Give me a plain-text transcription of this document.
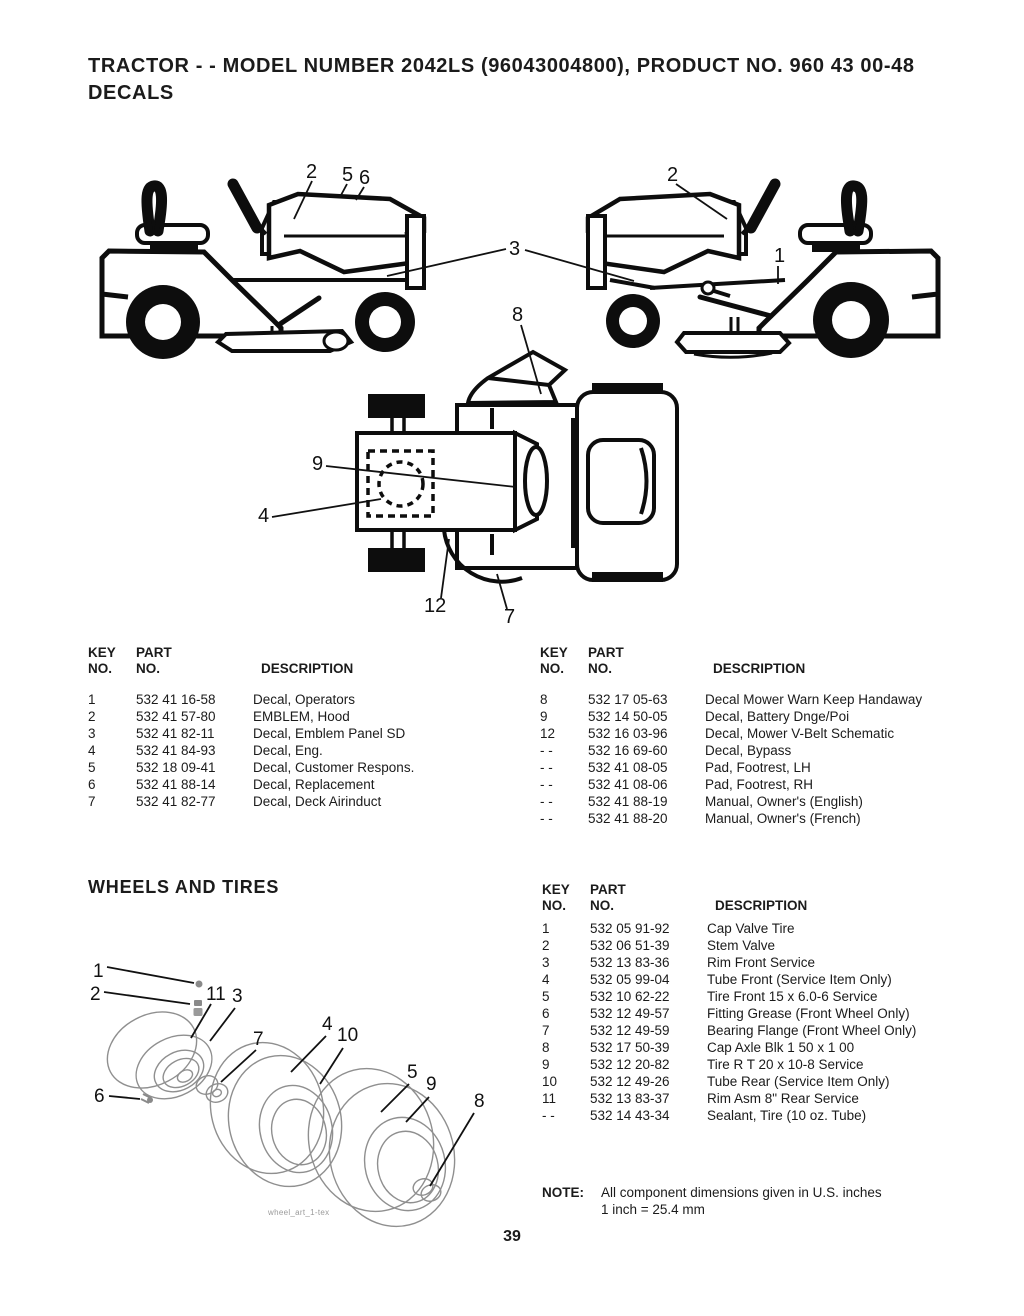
TRACTOR - - MODEL NUMBER 2042LS (96043004800), PRODUCT NO. 960 43 00-48
DECALS
2 5 6
3
2
1
8
9
4
12	7
KEY	PART
NO.	NO.	DESCRIPTION
1	532 41 16-58	Decal, Operators
2	532 41 57-80	EMBLEM, Hood
3	532 41 82-11	Decal, Emblem Panel SD
4	532 41 84-93	Decal, Eng.
5	532 18 09-41	Decal, Customer Respons.
6	532 41 88-14	Decal, Replacement
7	532 41 82-77	Decal, Deck Airinduct
KEY	PART
NO.	NO.	DESCRIPTION
8	532 17 05-63	Decal Mower Warn Keep Handaway
9	532 14 50-05	Decal, Battery Dnge/Poi
12	532 16 03-96	Decal, Mower V-Belt Schematic
- -	532 16 69-60	Decal, Bypass
- -	532 41 08-05	Pad, Footrest, LH
- -	532 41 08-06	Pad, Footrest, RH
- -	532 41 88-19	Manual, Owner's (English)
- -	532 41 88-20	Manual, Owner's (French)
WHEELS AND TIRES
wheel_art_1-tex
1
2	11 3
7
4
10
5
9
8
6
KEY	PART
NO.	NO.	DESCRIPTION
1	532 05 91-92	Cap Valve Tire
2	532 06 51-39	Stem Valve
3	532 13 83-36	Rim Front Service
4	532 05 99-04	Tube Front (Service Item Only)
5	532 10 62-22	Tire Front 15 x 6.0-6 Service
6	532 12 49-57	Fitting Grease (Front Wheel Only)
7	532 12 49-59	Bearing Flange (Front Wheel Only)
8	532 17 50-39	Cap Axle Blk 1 50 x 1 00
9	532 12 20-82	Tire R T 20 x 10-8 Service
10	532 12 49-26	Tube Rear (Service Item Only)
11	532 13 83-37	Rim Asm 8" Rear Service
- -	532 14 43-34	Sealant, Tire (10 oz. Tube)
NOTE:	All component dimensions given in U.S. inches
1 inch = 25.4 mm
39
